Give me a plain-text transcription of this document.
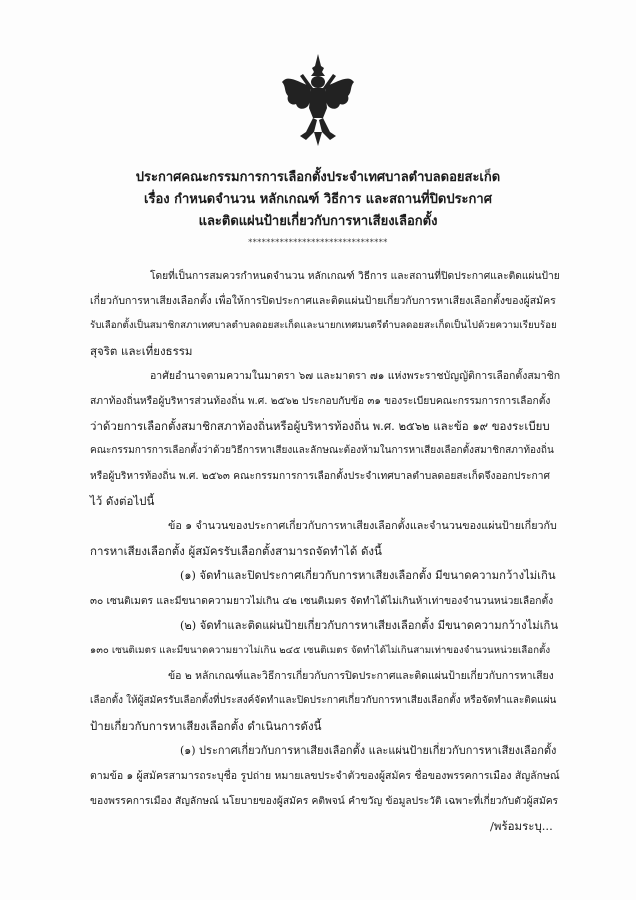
ประกาศคณะกรรมการการเลือกตั้งประจำเทศบาลตำบลดอยสะเก็ด
เรื่อง กำหนดจำนวน หลักเกณฑ์ วิธีการ และสถานที่ปิดประกาศ
และติดแผ่นป้ายเกี่ยวกับการหาเสียงเลือกตั้ง
*******************************
โดยที่เป็นการสมควรกำหนดจำนวน หลักเกณฑ์ วิธีการ และสถานที่ปิดประกาศและติดแผ่นป้าย
เกี่ยวกับการหาเสียงเลือกตั้ง เพื่อให้การปิดประกาศและติดแผ่นป้ายเกี่ยวกับการหาเสียงเลือกตั้งของผู้สมัคร
รับเลือกตั้งเป็นสมาชิกสภาเทศบาลตำบลดอยสะเก็ดและนายกเทศมนตรีตำบลดอยสะเก็ดเป็นไปด้วยความเรียบร้อย
สุจริต และเที่ยงธรรม
อาศัยอำนาจตามความในมาตรา ๖๗ และมาตรา ๗๑ แห่งพระราชบัญญัติการเลือกตั้งสมาชิก
สภาท้องถิ่นหรือผู้บริหารส่วนท้องถิ่น พ.ศ. ๒๕๖๒ ประกอบกับข้อ ๓๑ ของระเบียบคณะกรรมการการเลือกตั้ง
ว่าด้วยการเลือกตั้งสมาชิกสภาท้องถิ่นหรือผู้บริหารท้องถิ่น พ.ศ. ๒๕๖๒ และข้อ ๑๙ ของระเบียบ
คณะกรรมการการเลือกตั้งว่าด้วยวิธีการหาเสียงและลักษณะต้องห้ามในการหาเสียงเลือกตั้งสมาชิกสภาท้องถิ่น
หรือผู้บริหารท้องถิ่น พ.ศ. ๒๕๖๓ คณะกรรมการการเลือกตั้งประจำเทศบาลตำบลดอยสะเก็ดจึงออกประกาศ
ไว้ ดังต่อไปนี้
ข้อ ๑ จำนวนของประกาศเกี่ยวกับการหาเสียงเลือกตั้งและจำนวนของแผ่นป้ายเกี่ยวกับ
การหาเสียงเลือกตั้ง ผู้สมัครรับเลือกตั้งสามารถจัดทำได้ ดังนี้
(๑) จัดทำและปิดประกาศเกี่ยวกับการหาเสียงเลือกตั้ง มีขนาดความกว้างไม่เกิน
๓๐ เซนติเมตร และมีขนาดความยาวไม่เกิน ๔๒ เซนติเมตร จัดทำได้ไม่เกินห้าเท่าของจำนวนหน่วยเลือกตั้ง
(๒) จัดทำและติดแผ่นป้ายเกี่ยวกับการหาเสียงเลือกตั้ง มีขนาดความกว้างไม่เกิน
๑๓๐ เซนติเมตร และมีขนาดความยาวไม่เกิน ๒๔๕ เซนติเมตร จัดทำได้ไม่เกินสามเท่าของจำนวนหน่วยเลือกตั้ง
ข้อ ๒ หลักเกณฑ์และวิธีการเกี่ยวกับการปิดประกาศและติดแผ่นป้ายเกี่ยวกับการหาเสียง
เลือกตั้ง ให้ผู้สมัครรับเลือกตั้งที่ประสงค์จัดทำและปิดประกาศเกี่ยวกับการหาเสียงเลือกตั้ง หรือจัดทำและติดแผ่น
ป้ายเกี่ยวกับการหาเสียงเลือกตั้ง ดำเนินการดังนี้
(๑) ประกาศเกี่ยวกับการหาเสียงเลือกตั้ง และแผ่นป้ายเกี่ยวกับการหาเสียงเลือกตั้ง
ตามข้อ ๑ ผู้สมัครสามารถระบุชื่อ รูปถ่าย หมายเลขประจำตัวของผู้สมัคร ชื่อของพรรคการเมือง สัญลักษณ์
ของพรรคการเมือง สัญลักษณ์ นโยบายของผู้สมัคร คติพจน์ คำขวัญ ข้อมูลประวัติ เฉพาะที่เกี่ยวกับตัวผู้สมัคร
/พร้อมระบุ...
